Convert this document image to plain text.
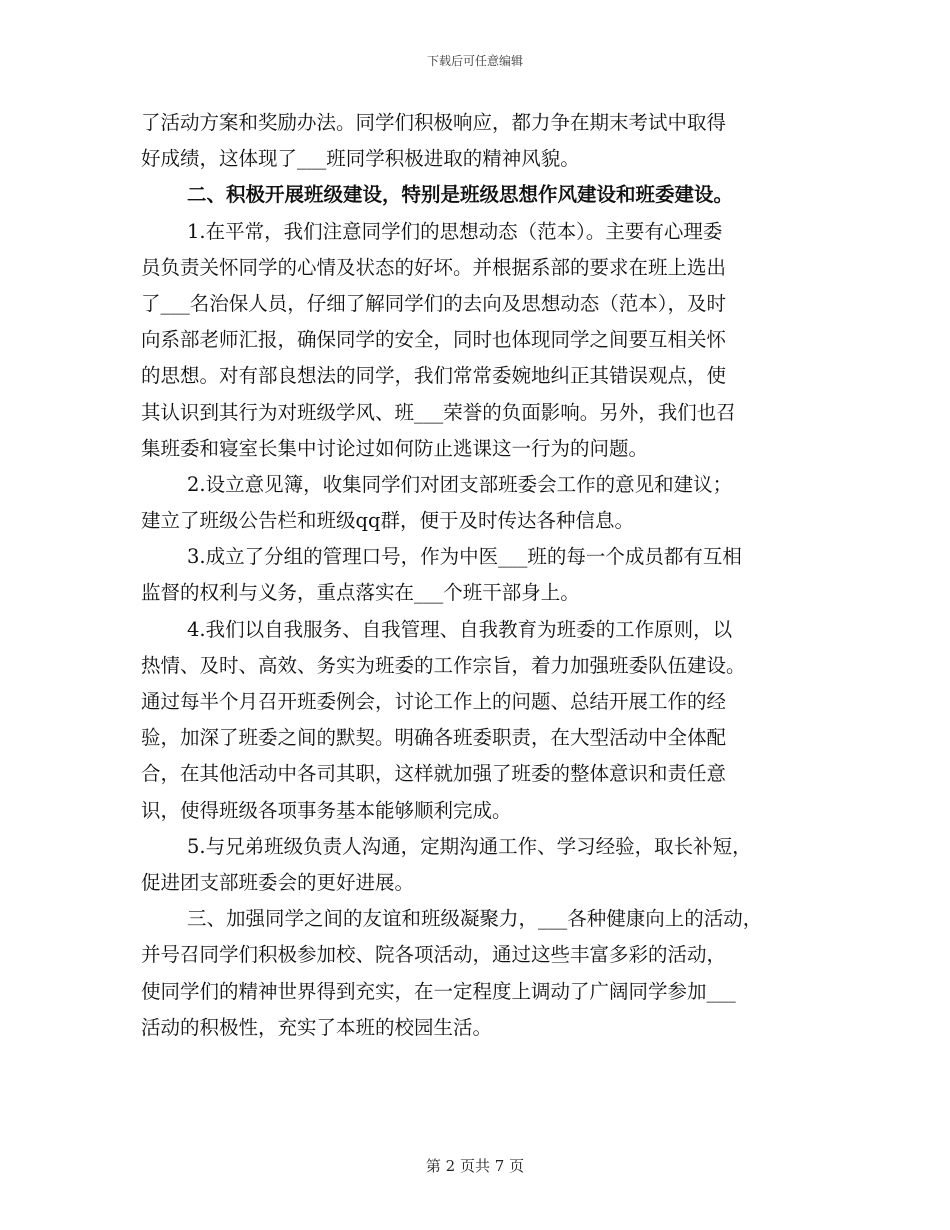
下载后可任意编辑
了活动方案和奖励办法。同学们积极响应，都力争在期末考试中取得
好成绩，这体现了___班同学积极进取的精神风貌。
二、积极开展班级建设，特别是班级思想作风建设和班委建设。
1.在平常，我们注意同学们的思想动态（范本）。主要有心理委
员负责关怀同学的心情及状态的好坏。并根据系部的要求在班上选出
了___名治保人员，仔细了解同学们的去向及思想动态（范本），及时
向系部老师汇报，确保同学的安全，同时也体现同学之间要互相关怀
的思想。对有部良想法的同学，我们常常委婉地纠正其错误观点，使
其认识到其行为对班级学风、班___荣誉的负面影响。另外，我们也召
集班委和寝室长集中讨论过如何防止逃课这一行为的问题。
2.设立意见簿，收集同学们对团支部班委会工作的意见和建议；
建立了班级公告栏和班级qq群，便于及时传达各种信息。
3.成立了分组的管理口号，作为中医___班的每一个成员都有互相
监督的权利与义务，重点落实在___个班干部身上。
4.我们以自我服务、自我管理、自我教育为班委的工作原则，以
热情、及时、高效、务实为班委的工作宗旨，着力加强班委队伍建设。
通过每半个月召开班委例会，讨论工作上的问题、总结开展工作的经
验，加深了班委之间的默契。明确各班委职责，在大型活动中全体配
合，在其他活动中各司其职，这样就加强了班委的整体意识和责任意
识，使得班级各项事务基本能够顺利完成。
5.与兄弟班级负责人沟通，定期沟通工作、学习经验，取长补短，
促进团支部班委会的更好进展。
三、加强同学之间的友谊和班级凝聚力，___各种健康向上的活动，
并号召同学们积极参加校、院各项活动，通过这些丰富多彩的活动，
使同学们的精神世界得到充实，在一定程度上调动了广阔同学参加___
活动的积极性，充实了本班的校园生活。
第 2 页共 7 页
